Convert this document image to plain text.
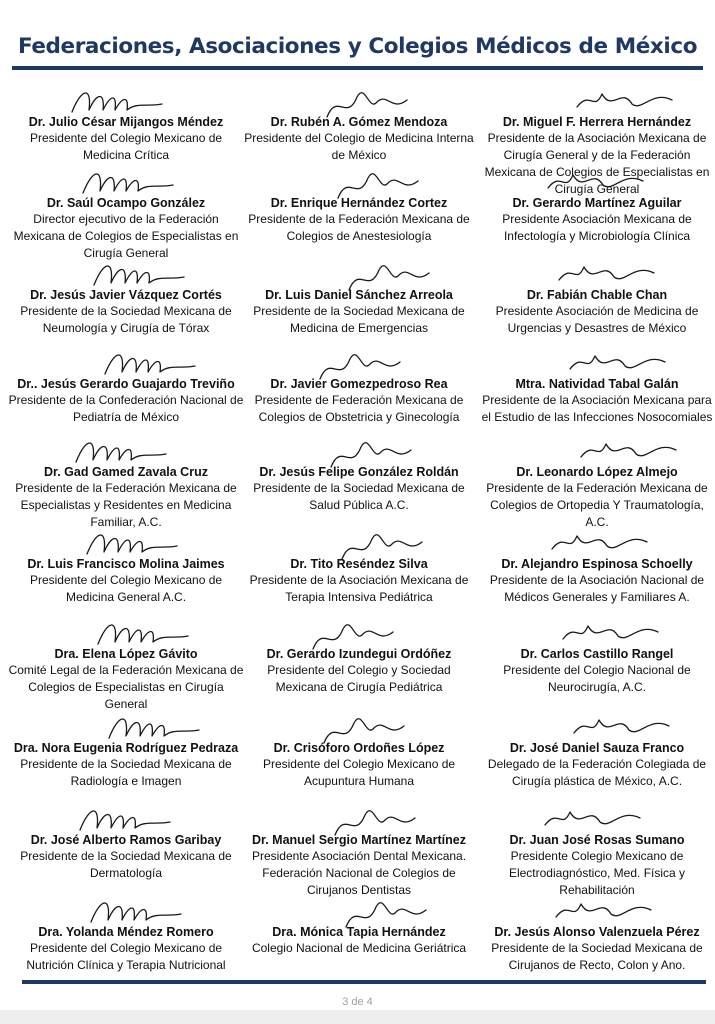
Federaciones, Asociaciones y Colegios Médicos de México
Dr. Julio César Mijangos Méndez
Presidente del Colegio Mexicano de Medicina Crítica
Dr. Rubén A. Gómez Mendoza
Presidente del Colegio de Medicina Interna de México
Dr. Miguel F. Herrera Hernández
Presidente de la Asociación Mexicana de Cirugía General y de la Federación Mexicana de Colegios de Especialistas en Cirugía General
Dr. Saúl Ocampo González
Director ejecutivo de la Federación Mexicana de Colegios de Especialistas en Cirugía General
Dr. Enrique Hernández Cortez
Presidente de la Federación Mexicana de Colegios de Anestesiología
Dr. Gerardo Martínez Aguilar
Presidente Asociación Mexicana de Infectología y Microbiología Clínica
Dr. Jesús Javier Vázquez Cortés
Presidente de la Sociedad Mexicana de Neumología y Cirugía de Tórax
Dr. Luis Daniel Sánchez Arreola
Presidente de la Sociedad Mexicana de Medicina de Emergencias
Dr. Fabián Chable Chan
Presidente Asociación de Medicina de Urgencias y Desastres de México
Dr.. Jesús Gerardo Guajardo Treviño
Presidente de la Confederación Nacional de Pediatría de México
Dr. Javier Gomezpedroso Rea
Presidente de Federación Mexicana de Colegios de Obstetricia y Ginecología
Mtra. Natividad Tabal Galán
Presidente de la Asociación Mexicana para el Estudio de las Infecciones Nosocomiales
Dr. Gad Gamed Zavala Cruz
Presidente de la Federación Mexicana de Especialistas y Residentes en Medicina Familiar, A.C.
Dr. Jesús Felipe González Roldán
Presidente de la Sociedad Mexicana de Salud Pública A.C.
Dr. Leonardo López Almejo
Presidente de la Federación Mexicana de Colegios de Ortopedia Y Traumatología, A.C.
Dr. Luis Francisco Molina Jaimes
Presidente del Colegio Mexicano de Medicina General A.C.
Dr. Tito Reséndez Silva
Presidente de la Asociación Mexicana de Terapia Intensiva Pediátrica
Dr. Alejandro Espinosa Schoelly
Presidente de la Asociación Nacional de Médicos Generales y Familiares A.
Dra. Elena López Gávito
Comité Legal de la Federación Mexicana de Colegios de Especialistas en Cirugía General
Dr. Gerardo Izundegui Ordóñez
Presidente del Colegio y Sociedad Mexicana de Cirugía Pediátrica
Dr. Carlos Castillo Rangel
Presidente del Colegio Nacional de Neurocirugía, A.C.
Dra. Nora Eugenia Rodríguez Pedraza
Presidente de la Sociedad Mexicana de Radiología e Imagen
Dr. Crisóforo Ordoñes López
Presidente del Colegio Mexicano de Acupuntura Humana
Dr. José Daniel Sauza Franco
Delegado de la Federación Colegiada de Cirugía plástica de México, A.C.
Dr. José Alberto Ramos Garibay
Presidente de la Sociedad Mexicana de Dermatología
Dr. Manuel Sergio Martínez Martínez
Presidente Asociación Dental Mexicana. Federación Nacional de Colegios de Cirujanos Dentistas
Dr. Juan José Rosas Sumano
Presidente Colegio Mexicano de Electrodiagnóstico, Med. Física y Rehabilitación
Dra. Yolanda Méndez Romero
Presidente del Colegio Mexicano de Nutrición Clínica y Terapia Nutricional
Dra. Mónica Tapia Hernández
Colegio Nacional de Medicina Geriátrica
Dr. Jesús Alonso Valenzuela Pérez
Presidente de la Sociedad Mexicana de Cirujanos de Recto, Colon y Ano.
3 de 4
